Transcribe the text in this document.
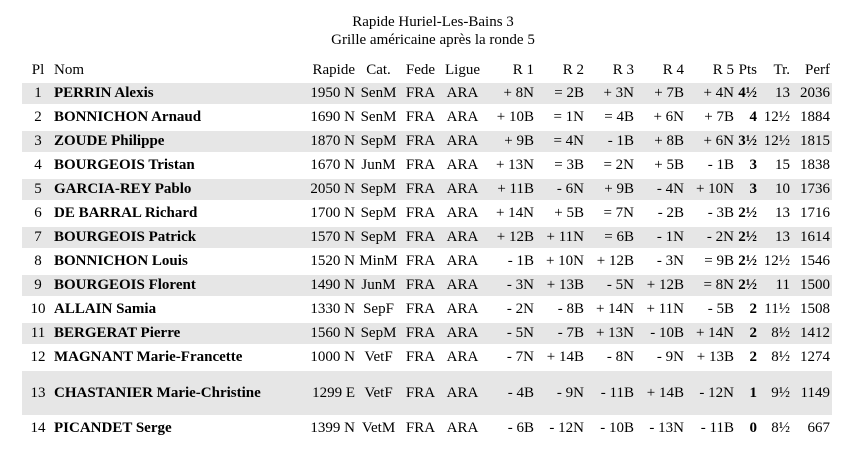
Rapide Huriel-Les-Bains 3
Grille américaine après la ronde 5
Pl	Nom	Rapide	Cat.	Fede	Ligue	R 1	R 2	R 3	R 4	R 5	Pts	Tr.	Perf
1	PERRIN Alexis	1950 N	SenM	FRA	ARA	+ 8N	= 2B	+ 3N	+ 7B	+ 4N	4½	13	2036
2	BONNICHON Arnaud	1690 N	SenM	FRA	ARA	+ 10B	= 1N	= 4B	+ 6N	+ 7B	4	12½	1884
3	ZOUDE Philippe	1870 N	SepM	FRA	ARA	+ 9B	= 4N	- 1B	+ 8B	+ 6N	3½	12½	1815
4	BOURGEOIS Tristan	1670 N	JunM	FRA	ARA	+ 13N	= 3B	= 2N	+ 5B	- 1B	3	15	1838
5	GARCIA-REY Pablo	2050 N	SepM	FRA	ARA	+ 11B	- 6N	+ 9B	- 4N	+ 10N	3	10	1736
6	DE BARRAL Richard	1700 N	SepM	FRA	ARA	+ 14N	+ 5B	= 7N	- 2B	- 3B	2½	13	1716
7	BOURGEOIS Patrick	1570 N	SepM	FRA	ARA	+ 12B	+ 11N	= 6B	- 1N	- 2N	2½	13	1614
8	BONNICHON Louis	1520 N	MinM	FRA	ARA	- 1B	+ 10N	+ 12B	- 3N	= 9B	2½	12½	1546
9	BOURGEOIS Florent	1490 N	JunM	FRA	ARA	- 3N	+ 13B	- 5N	+ 12B	= 8N	2½	11	1500
10	ALLAIN Samia	1330 N	SepF	FRA	ARA	- 2N	- 8B	+ 14N	+ 11N	- 5B	2	11½	1508
11	BERGERAT Pierre	1560 N	SepM	FRA	ARA	- 5N	- 7B	+ 13N	- 10B	+ 14N	2	8½	1412
12	MAGNANT Marie-Francette	1000 N	VetF	FRA	ARA	- 7N	+ 14B	- 8N	- 9N	+ 13B	2	8½	1274
13	CHASTANIER Marie-Christine	1299 E	VetF	FRA	ARA	- 4B	- 9N	- 11B	+ 14B	- 12N	1	9½	1149
14	PICANDET Serge	1399 N	VetM	FRA	ARA	- 6B	- 12N	- 10B	- 13N	- 11B	0	8½	667
